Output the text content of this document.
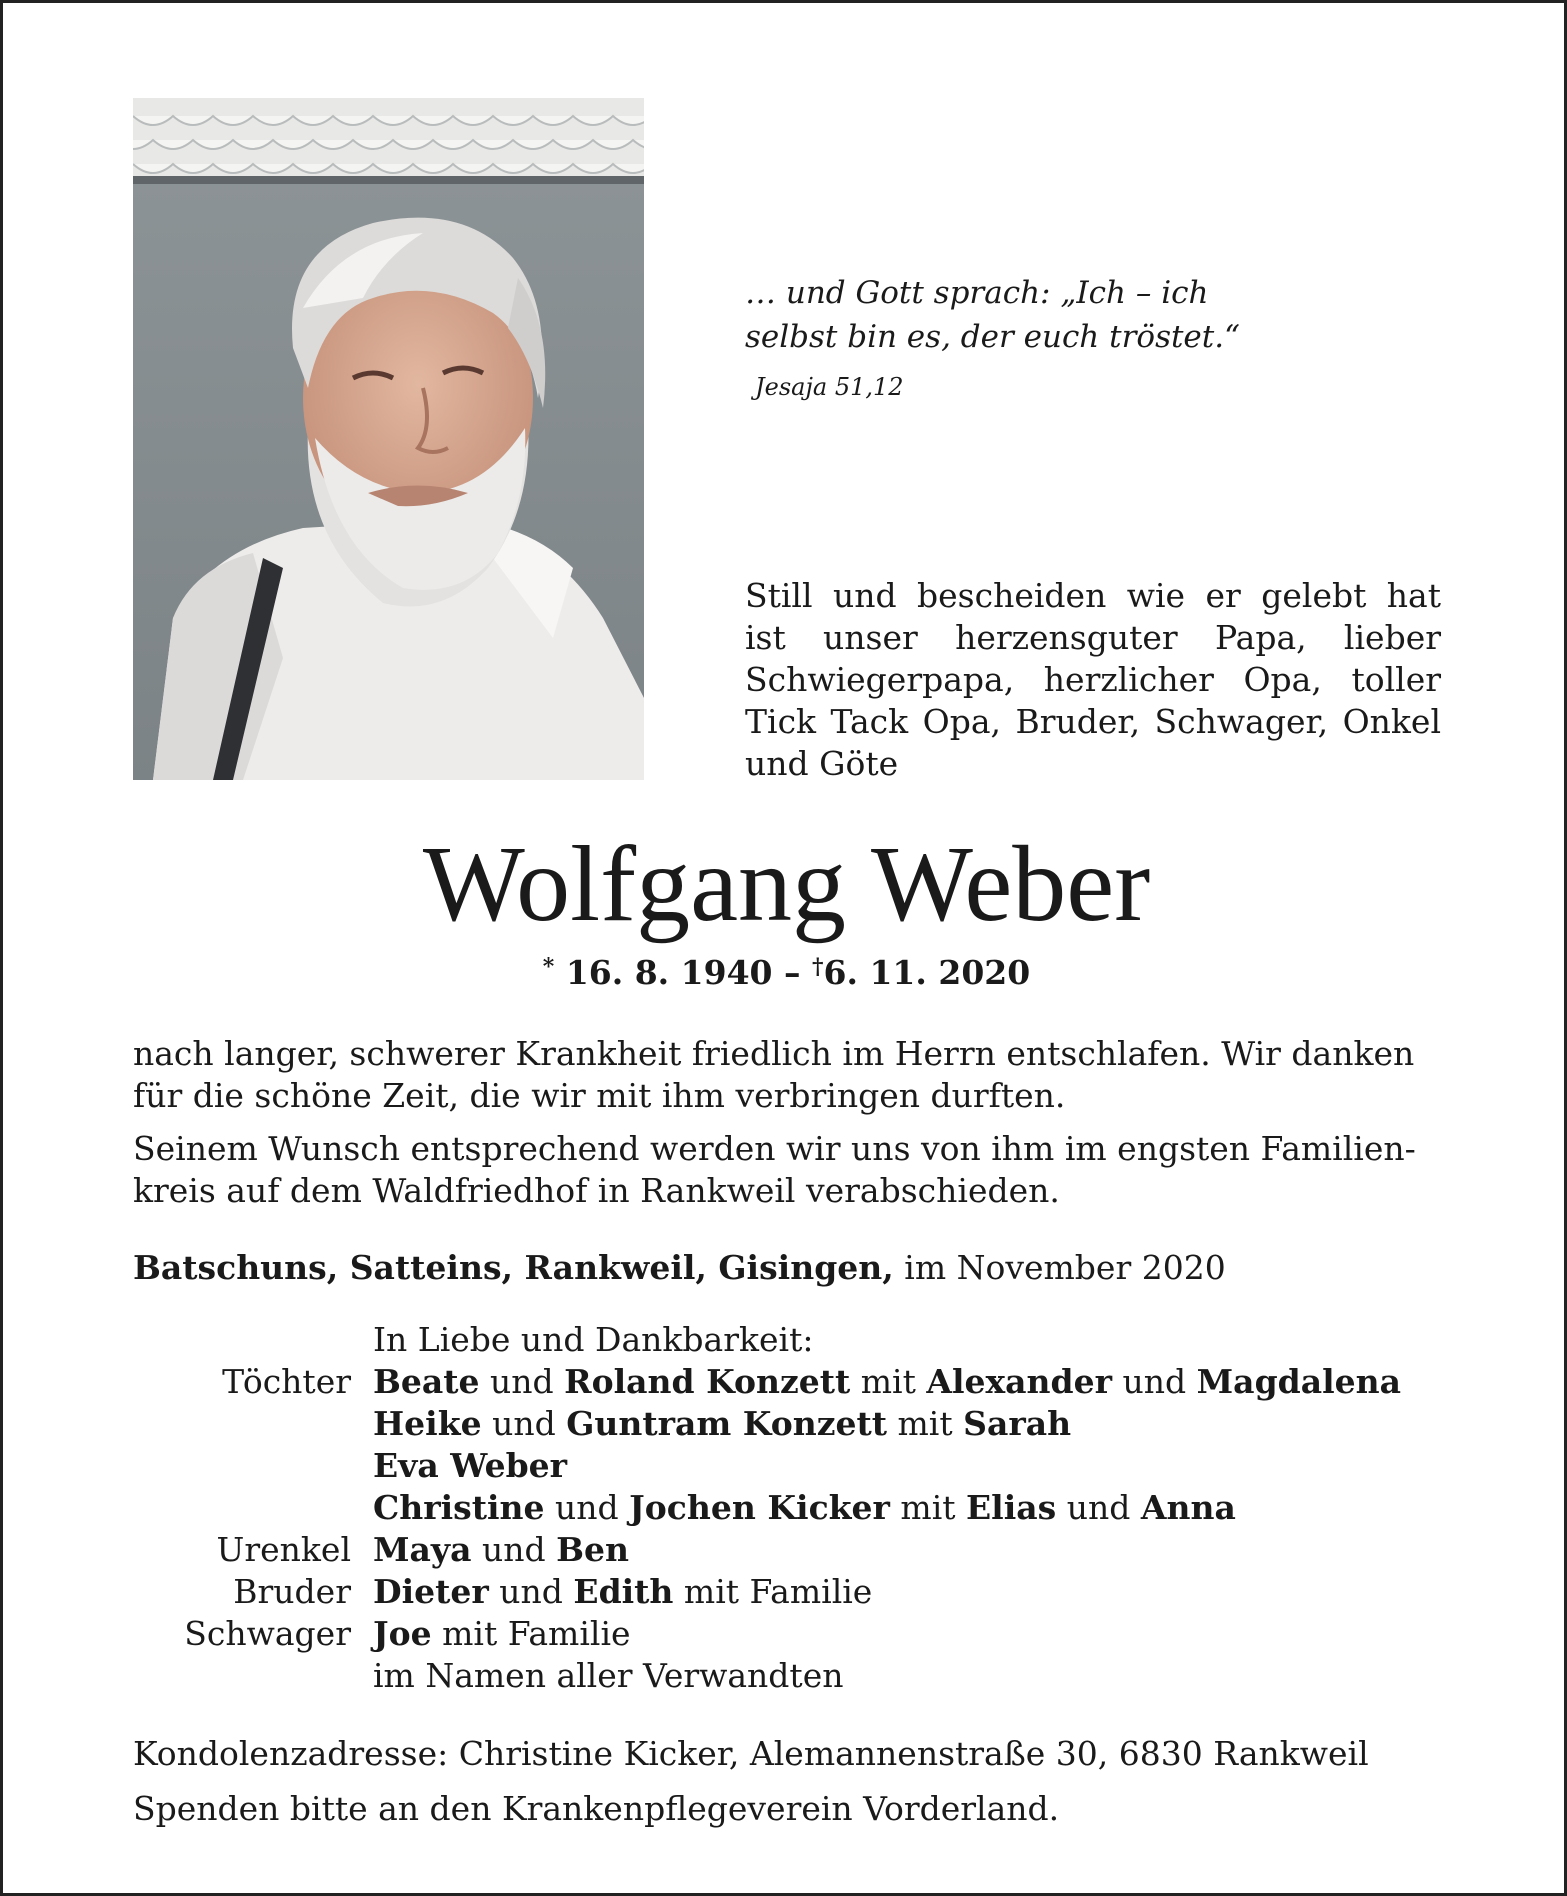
… und Gott sprach: „Ich – ich
selbst bin es, der euch tröstet.“
Jesaja 51,12
Still und bescheiden wie er gelebt hat
ist unser herzensguter Papa, lieber
Schwiegerpapa, herzlicher Opa, toller
Tick Tack Opa, Bruder, Schwager, Onkel
und Göte
Wolfgang Weber
* 16. 8. 1940 – †6. 11. 2020
nach langer, schwerer Krankheit friedlich im Herrn entschlafen. Wir danken
für die schöne Zeit, die wir mit ihm verbringen durften.
Seinem Wunsch entsprechend werden wir uns von ihm im engsten Familien-
kreis auf dem Waldfriedhof in Rankweil verabschieden.
Batschuns, Satteins, Rankweil, Gisingen, im November 2020
In Liebe und Dankbarkeit:
Töchter Beate und Roland Konzett mit Alexander und Magdalena
Heike und Guntram Konzett mit Sarah
Eva Weber
Christine und Jochen Kicker mit Elias und Anna
Urenkel Maya und Ben
Bruder Dieter und Edith mit Familie
Schwager Joe mit Familie
im Namen aller Verwandten
Kondolenzadresse: Christine Kicker, Alemannenstraße 30, 6830 Rankweil
Spenden bitte an den Krankenpflegeverein Vorderland.
